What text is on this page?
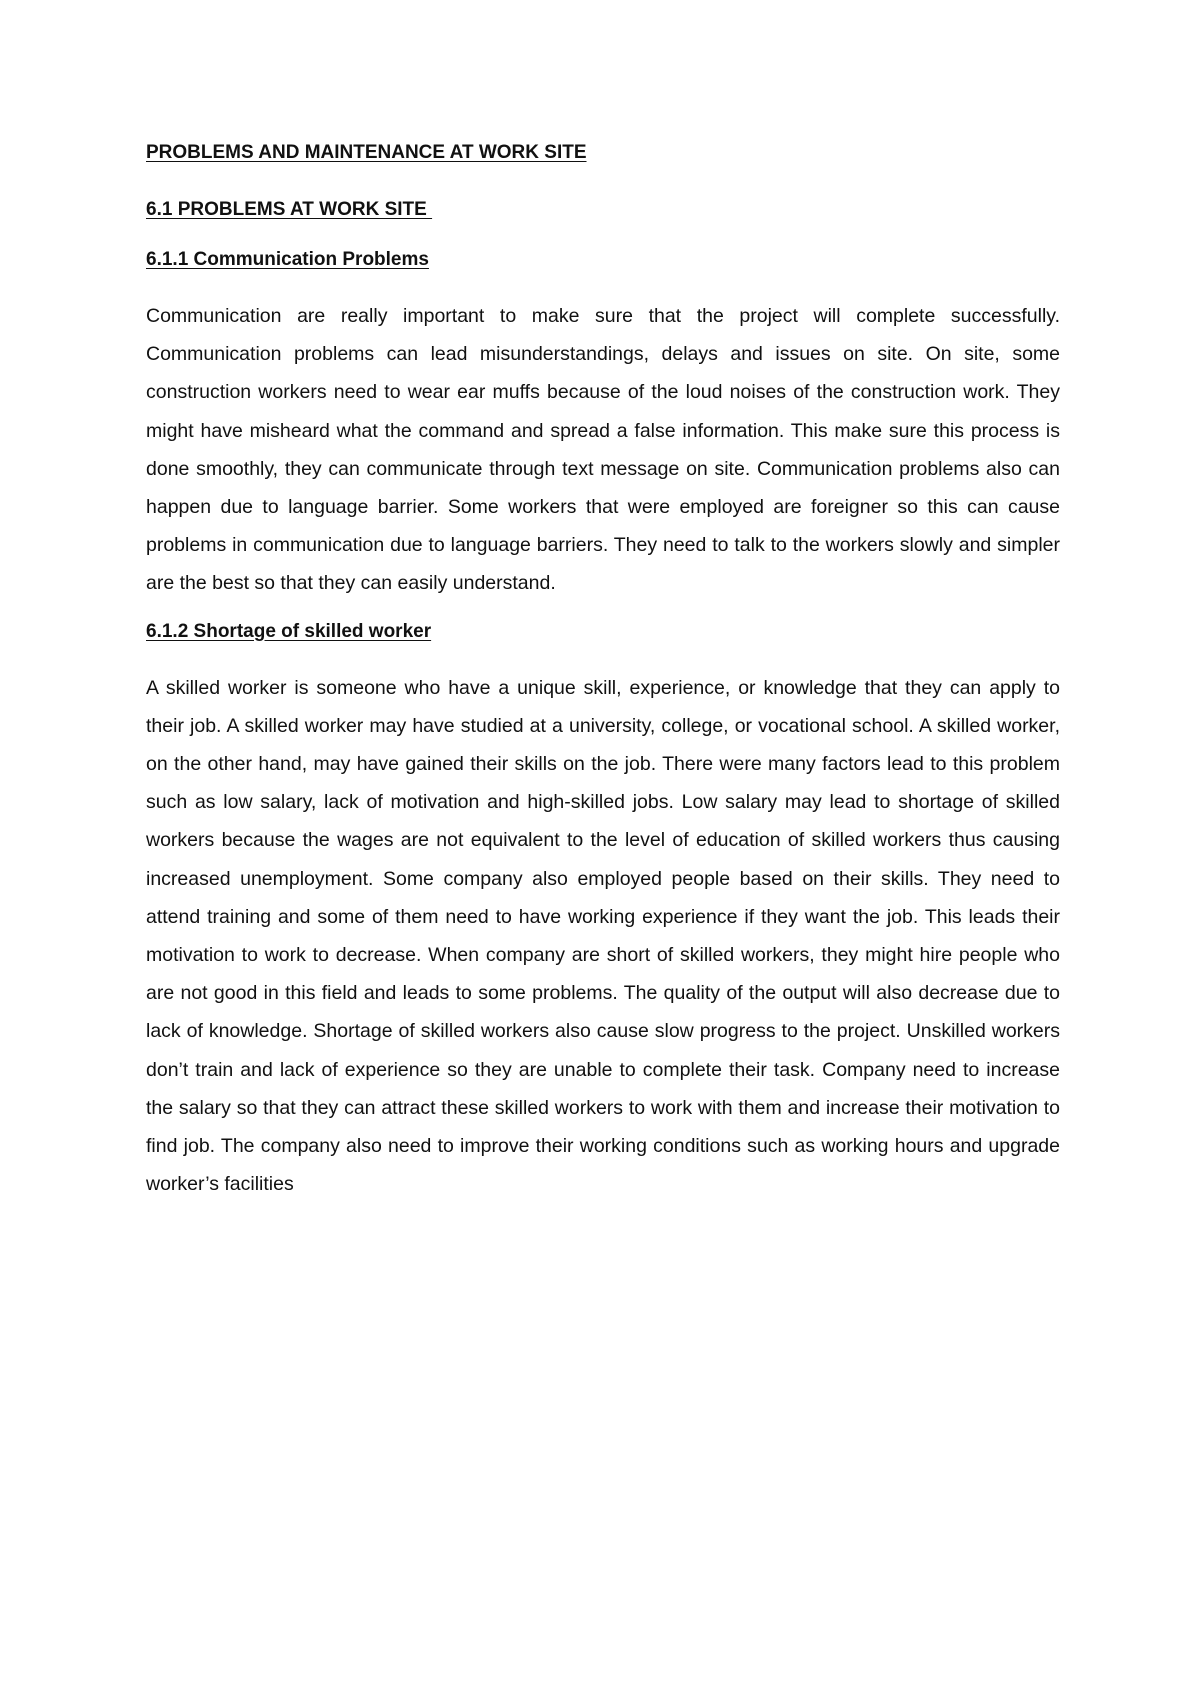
PROBLEMS AND MAINTENANCE AT WORK SITE
6.1 PROBLEMS AT WORK SITE
6.1.1 Communication Problems

Communication are really important to make sure that the project will complete successfully. Communication problems can lead misunderstandings, delays and issues on site. On site, some construction workers need to wear ear muffs because of the loud noises of the construction work. They might have misheard what the command and spread a false information. This make sure this process is done smoothly, they can communicate through text message on site. Communication problems also can happen due to language barrier. Some workers that were employed are foreigner so this can cause problems in communication due to language barriers. They need to talk to the workers slowly and simpler are the best so that they can easily understand.

6.1.2 Shortage of skilled worker

A skilled worker is someone who have a unique skill, experience, or knowledge that they can apply to their job. A skilled worker may have studied at a university, college, or vocational school. A skilled worker, on the other hand, may have gained their skills on the job. There were many factors lead to this problem such as low salary, lack of motivation and high-skilled jobs. Low salary may lead to shortage of skilled workers because the wages are not equivalent to the level of education of skilled workers thus causing increased unemployment. Some company also employed people based on their skills. They need to attend training and some of them need to have working experience if they want the job. This leads their motivation to work to decrease. When company are short of skilled workers, they might hire people who are not good in this field and leads to some problems. The quality of the output will also decrease due to lack of knowledge. Shortage of skilled workers also cause slow progress to the project. Unskilled workers don’t train and lack of experience so they are unable to complete their task. Company need to increase the salary so that they can attract these skilled workers to work with them and increase their motivation to find job. The company also need to improve their working conditions such as working hours and upgrade worker’s facilities
